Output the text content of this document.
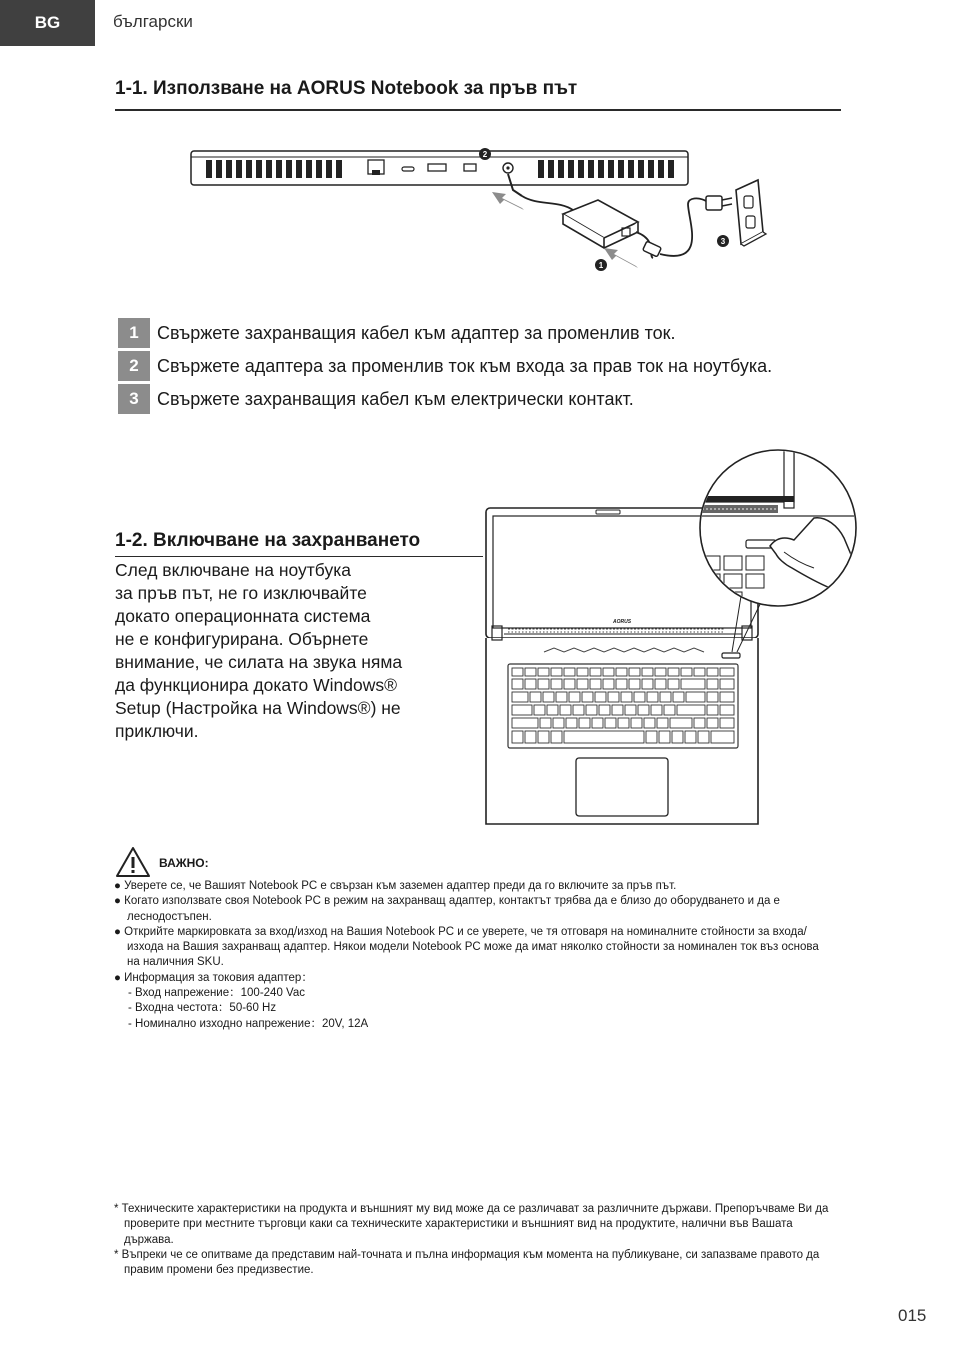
BG	български
1-1. Използване на AORUS Notebook за пръв път
1
2
3
1	Свържете захранващия кабел към адаптер за променлив ток.
2	Свържете адаптера за променлив ток към входа за прав ток на ноутбука.
3	Свържете захранващия кабел към електрически контакт.
1-2. Включване на захранването
След включване на ноутбука
за пръв път, не го изключвайте
докато операционната система
не е конфигурирана. Обърнете
внимание, че силата на звука няма
да функционира докато Windows®
Setup (Настройка на Windows®) не
приключи.
AORUS
ВАЖНО:

● Уверете се, че Вашият Notebook PC е свързан към заземен адаптер преди да го включите за пръв път.

● Когато използвате своя Notebook PC в режим на захранващ адаптер, контактът трябва да е близо до оборудването и да е леснодостъпен.

● Открийте маркировката за вход/изход на Вашия Notebook PC и се уверете, че тя отговаря на номиналните стойности за входа/изхода на Вашия захранващ адаптер. Някои модели Notebook PC може да имат няколко стойности за номинален ток въз основа на наличния SKU.

● Информация за токовия адаптер：

- Вход напрежение：100-240 Vac

- Входна честота：50-60 Hz

- Номинално изходно напрежение：20V, 12A

* Техническите характеристики на продукта и външният му вид може да се различават за различните държави. Препоръчваме Ви да проверите при местните търговци каки са техническите характеристики и външният вид на продуктите, налични във Вашата държава.

* Въпреки че се опитваме да представим най-точната и пълна информация към момента на публикуване, си запазваме правото да правим промени без предизвестие.

015
